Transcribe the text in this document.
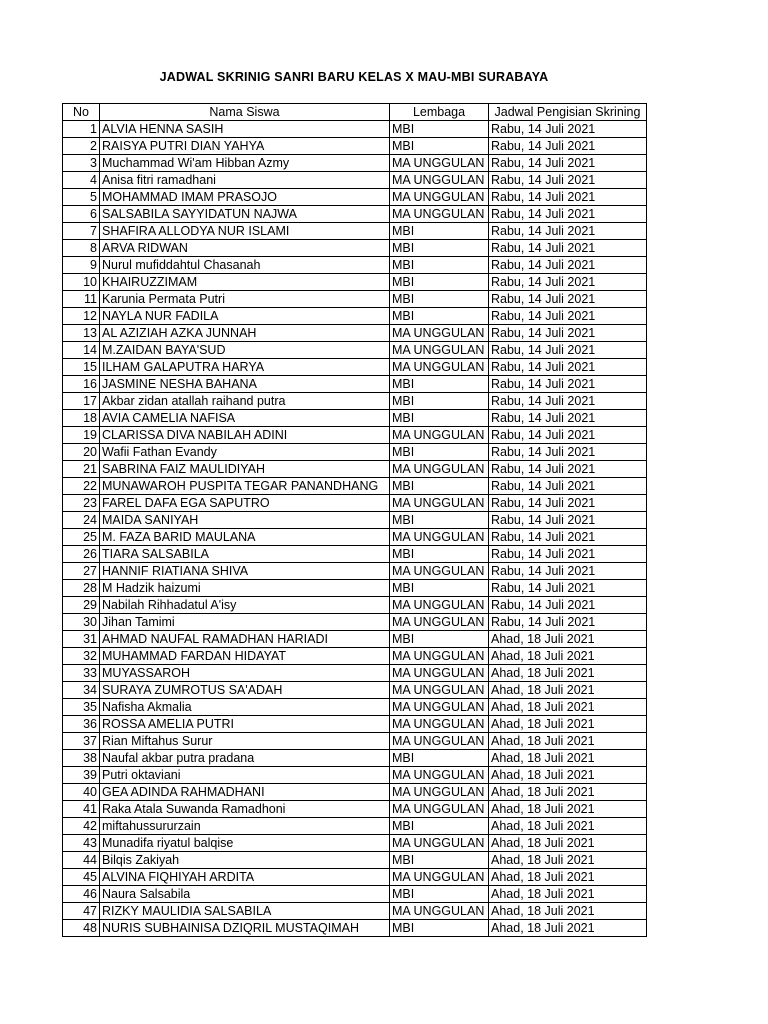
JADWAL SKRINIG SANRI BARU KELAS X MAU-MBI SURABAYA
No	Nama Siswa	Lembaga	Jadwal Pengisian Skrining
1	ALVIA HENNA SASIH	MBI	Rabu, 14 Juli 2021
2	RAISYA PUTRI DIAN YAHYA	MBI	Rabu, 14 Juli 2021
3	Muchammad Wi'am Hibban Azmy	MA UNGGULAN	Rabu, 14 Juli 2021
4	Anisa fitri ramadhani	MA UNGGULAN	Rabu, 14 Juli 2021
5	MOHAMMAD IMAM PRASOJO	MA UNGGULAN	Rabu, 14 Juli 2021
6	SALSABILA SAYYIDATUN NAJWA	MA UNGGULAN	Rabu, 14 Juli 2021
7	SHAFIRA ALLODYA NUR ISLAMI	MBI	Rabu, 14 Juli 2021
8	ARVA RIDWAN	MBI	Rabu, 14 Juli 2021
9	Nurul mufiddahtul Chasanah	MBI	Rabu, 14 Juli 2021
10	KHAIRUZZIMAM	MBI	Rabu, 14 Juli 2021
11	Karunia Permata Putri	MBI	Rabu, 14 Juli 2021
12	NAYLA NUR FADILA	MBI	Rabu, 14 Juli 2021
13	AL AZIZIAH AZKA JUNNAH	MA UNGGULAN	Rabu, 14 Juli 2021
14	M.ZAIDAN BAYA'SUD	MA UNGGULAN	Rabu, 14 Juli 2021
15	ILHAM GALAPUTRA HARYA	MA UNGGULAN	Rabu, 14 Juli 2021
16	JASMINE NESHA BAHANA	MBI	Rabu, 14 Juli 2021
17	Akbar zidan atallah raihand putra	MBI	Rabu, 14 Juli 2021
18	AVIA CAMELIA NAFISA	MBI	Rabu, 14 Juli 2021
19	CLARISSA DIVA NABILAH ADINI	MA UNGGULAN	Rabu, 14 Juli 2021
20	Wafii Fathan Evandy	MBI	Rabu, 14 Juli 2021
21	SABRINA FAIZ MAULIDIYAH	MA UNGGULAN	Rabu, 14 Juli 2021
22	MUNAWAROH PUSPITA TEGAR PANANDHANG	MBI	Rabu, 14 Juli 2021
23	FAREL DAFA EGA SAPUTRO	MA UNGGULAN	Rabu, 14 Juli 2021
24	MAIDA SANIYAH	MBI	Rabu, 14 Juli 2021
25	M. FAZA BARID MAULANA	MA UNGGULAN	Rabu, 14 Juli 2021
26	TIARA SALSABILA	MBI	Rabu, 14 Juli 2021
27	HANNIF RIATIANA SHIVA	MA UNGGULAN	Rabu, 14 Juli 2021
28	M Hadzik haizumi	MBI	Rabu, 14 Juli 2021
29	Nabilah Rihhadatul A'isy	MA UNGGULAN	Rabu, 14 Juli 2021
30	Jihan Tamimi	MA UNGGULAN	Rabu, 14 Juli 2021
31	AHMAD NAUFAL RAMADHAN HARIADI	MBI	Ahad, 18 Juli 2021
32	MUHAMMAD FARDAN HIDAYAT	MA UNGGULAN	Ahad, 18 Juli 2021
33	MUYASSAROH	MA UNGGULAN	Ahad, 18 Juli 2021
34	SURAYA ZUMROTUS SA'ADAH	MA UNGGULAN	Ahad, 18 Juli 2021
35	Nafisha Akmalia	MA UNGGULAN	Ahad, 18 Juli 2021
36	ROSSA AMELIA PUTRI	MA UNGGULAN	Ahad, 18 Juli 2021
37	Rian Miftahus Surur	MA UNGGULAN	Ahad, 18 Juli 2021
38	Naufal akbar putra pradana	MBI	Ahad, 18 Juli 2021
39	Putri oktaviani	MA UNGGULAN	Ahad, 18 Juli 2021
40	GEA ADINDA RAHMADHANI	MA UNGGULAN	Ahad, 18 Juli 2021
41	Raka Atala Suwanda Ramadhoni	MA UNGGULAN	Ahad, 18 Juli 2021
42	miftahussururzain	MBI	Ahad, 18 Juli 2021
43	Munadifa riyatul balqise	MA UNGGULAN	Ahad, 18 Juli 2021
44	Bilqis Zakiyah	MBI	Ahad, 18 Juli 2021
45	ALVINA FIQHIYAH ARDITA	MA UNGGULAN	Ahad, 18 Juli 2021
46	Naura Salsabila	MBI	Ahad, 18 Juli 2021
47	RIZKY MAULIDIA SALSABILA	MA UNGGULAN	Ahad, 18 Juli 2021
48	NURIS SUBHAINISA DZIQRIL MUSTAQIMAH	MBI	Ahad, 18 Juli 2021
